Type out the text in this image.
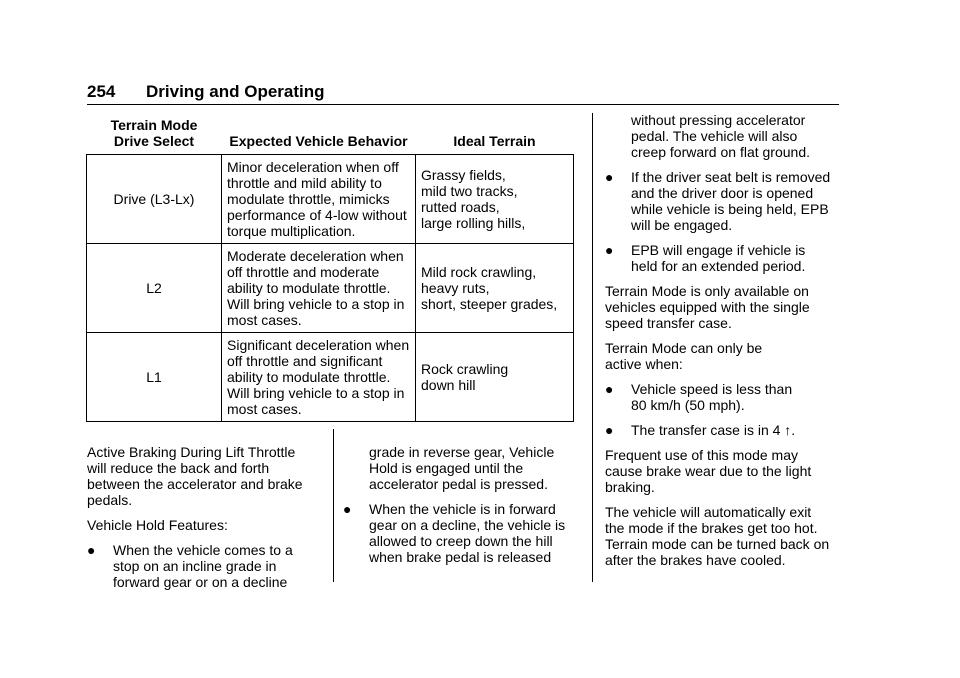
254 Driving and Operating
Terrain Mode
Drive Select	Expected Vehicle Behavior	Ideal Terrain
Drive (L3-Lx)	Minor deceleration when off
throttle and mild ability to
modulate throttle, mimicks
performance of 4-low without
torque multiplication.	Grassy fields,
mild two tracks,
rutted roads,
large rolling hills,

L2	Moderate deceleration when
off throttle and moderate
ability to modulate throttle.
Will bring vehicle to a stop in
most cases.	Mild rock crawling,
heavy ruts,
short, steeper grades,

L1	Significant deceleration when
off throttle and significant
ability to modulate throttle.
Will bring vehicle to a stop in
most cases.	Rock crawling
down hill

Active Braking During Lift Throttle
will reduce the back and forth
between the accelerator and brake
pedals.

Vehicle Hold Features:

●	When the vehicle comes to a
stop on an incline grade in
forward gear or on a decline

grade in reverse gear, Vehicle
Hold is engaged until the
accelerator pedal is pressed.

●	When the vehicle is in forward
gear on a decline, the vehicle is
allowed to creep down the hill
when brake pedal is released

without pressing accelerator
pedal. The vehicle will also
creep forward on flat ground.

●	If the driver seat belt is removed
and the driver door is opened
while vehicle is being held, EPB
will be engaged.
●	EPB will engage if vehicle is
held for an extended period.

Terrain Mode is only available on
vehicles equipped with the single
speed transfer case.

Terrain Mode can only be
active when:

●	Vehicle speed is less than
80 km/h (50 mph).
●	The transfer case is in 4 ↑.

Frequent use of this mode may
cause brake wear due to the light
braking.

The vehicle will automatically exit
the mode if the brakes get too hot.
Terrain mode can be turned back on
after the brakes have cooled.
